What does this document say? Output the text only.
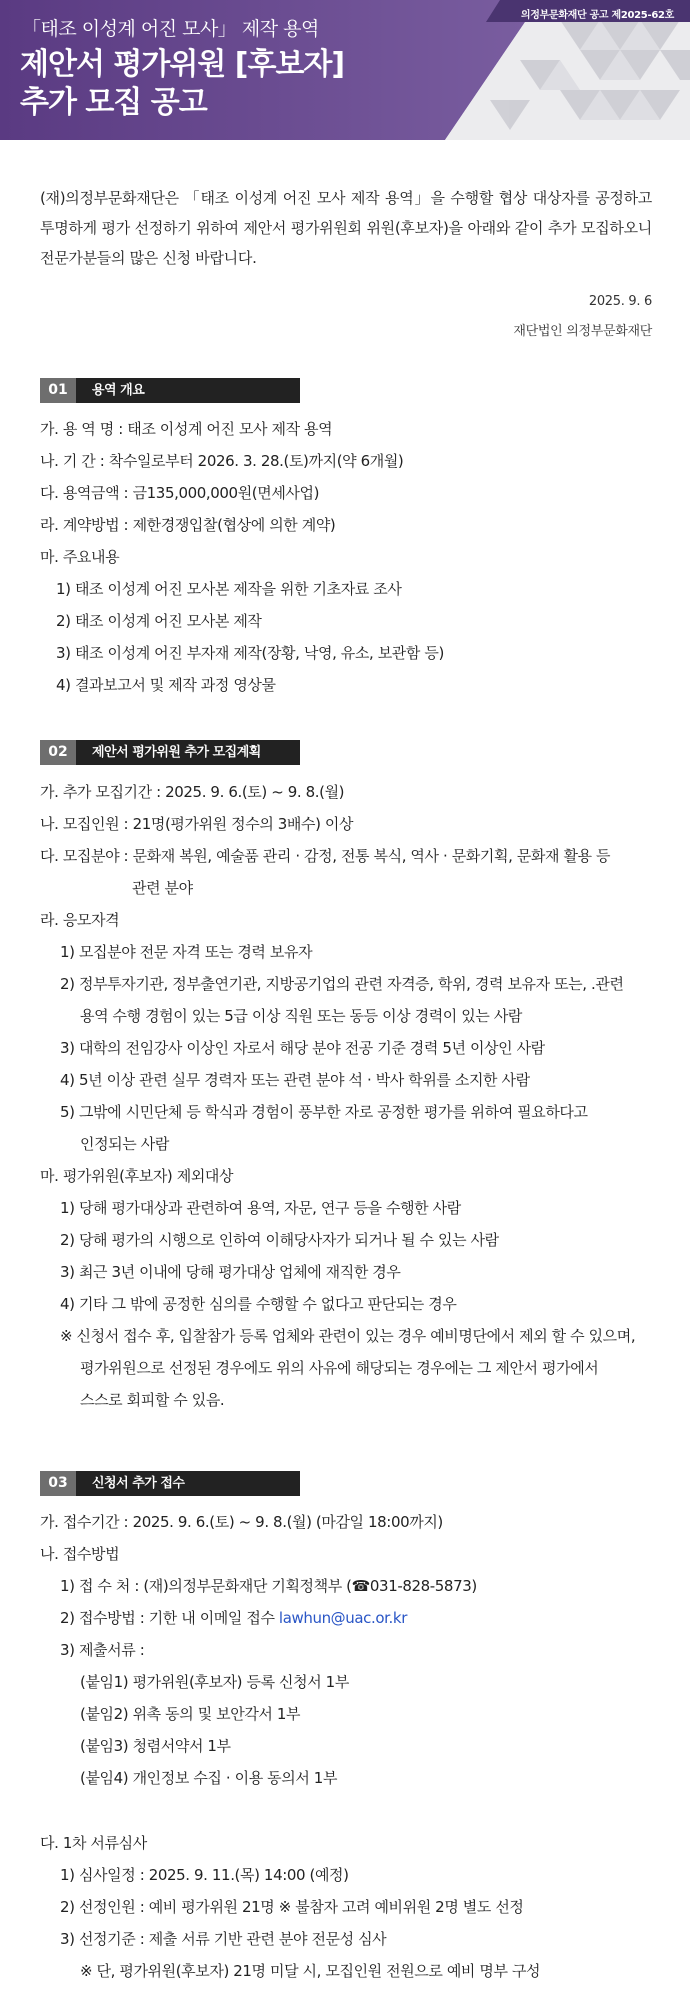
의정부문화재단 공고 제2025-62호
「태조 이성계 어진 모사」 제작 용역
제안서 평가위원 [후보자]
추가 모집 공고
(재)의정부문화재단은 「태조 이성계 어진 모사 제작 용역」을 수행할 협상 대상자를 공정하고 투명하게 평가 선정하기 위하여 제안서 평가위원회 위원(후보자)을 아래와 같이 추가 모집하오니 전문가분들의 많은 신청 바랍니다.
2025. 9. 6
재단법인 의정부문화재단
01	용역 개요
가. 용 역 명 : 태조 이성계 어진 모사 제작 용역
나. 기 간 : 착수일로부터 2026. 3. 28.(토)까지(약 6개월)
다. 용역금액 : 금135,000,000원(면세사업)
라. 계약방법 : 제한경쟁입찰(협상에 의한 계약)
마. 주요내용
1) 태조 이성계 어진 모사본 제작을 위한 기초자료 조사
2) 태조 이성계 어진 모사본 제작
3) 태조 이성계 어진 부자재 제작(장황, 낙영, 유소, 보관함 등)
4) 결과보고서 및 제작 과정 영상물
02	제안서 평가위원 추가 모집계획
가. 추가 모집기간 : 2025. 9. 6.(토) ~ 9. 8.(월)
나. 모집인원 : 21명(평가위원 정수의 3배수) 이상
다. 모집분야 : 문화재 복원, 예술품 관리 · 감정, 전통 복식, 역사 · 문화기획, 문화재 활용 등
관련 분야
라. 응모자격
1) 모집분야 전문 자격 또는 경력 보유자
2) 정부투자기관, 정부출연기관, 지방공기업의 관련 자격증, 학위, 경력 보유자 또는, .관련
용역 수행 경험이 있는 5급 이상 직원 또는 동등 이상 경력이 있는 사람
3) 대학의 전임강사 이상인 자로서 해당 분야 전공 기준 경력 5년 이상인 사람
4) 5년 이상 관련 실무 경력자 또는 관련 분야 석 · 박사 학위를 소지한 사람
5) 그밖에 시민단체 등 학식과 경험이 풍부한 자로 공정한 평가를 위하여 필요하다고
인정되는 사람
마. 평가위원(후보자) 제외대상
1) 당해 평가대상과 관련하여 용역, 자문, 연구 등을 수행한 사람
2) 당해 평가의 시행으로 인하여 이해당사자가 되거나 될 수 있는 사람
3) 최근 3년 이내에 당해 평가대상 업체에 재직한 경우
4) 기타 그 밖에 공정한 심의를 수행할 수 없다고 판단되는 경우
※ 신청서 접수 후, 입찰참가 등록 업체와 관련이 있는 경우 예비명단에서 제외 할 수 있으며,
평가위원으로 선정된 경우에도 위의 사유에 해당되는 경우에는 그 제안서 평가에서
스스로 회피할 수 있음.
03	신청서 추가 접수
가. 접수기간 : 2025. 9. 6.(토) ~ 9. 8.(월) (마감일 18:00까지)
나. 접수방법
1) 접 수 처 : (재)의정부문화재단 기획정책부 (☎031-828-5873)
2) 접수방법 : 기한 내 이메일 접수 lawhun@uac.or.kr
3) 제출서류 :
(붙임1) 평가위원(후보자) 등록 신청서 1부
(붙임2) 위촉 동의 및 보안각서 1부
(붙임3) 청렴서약서 1부
(붙임4) 개인정보 수집 · 이용 동의서 1부
다. 1차 서류심사
1) 심사일정 : 2025. 9. 11.(목) 14:00 (예정)
2) 선정인원 : 예비 평가위원 21명 ※ 불참자 고려 예비위원 2명 별도 선정
3) 선정기준 : 제출 서류 기반 관련 분야 전문성 심사
※ 단, 평가위원(후보자) 21명 미달 시, 모집인원 전원으로 예비 명부 구성
